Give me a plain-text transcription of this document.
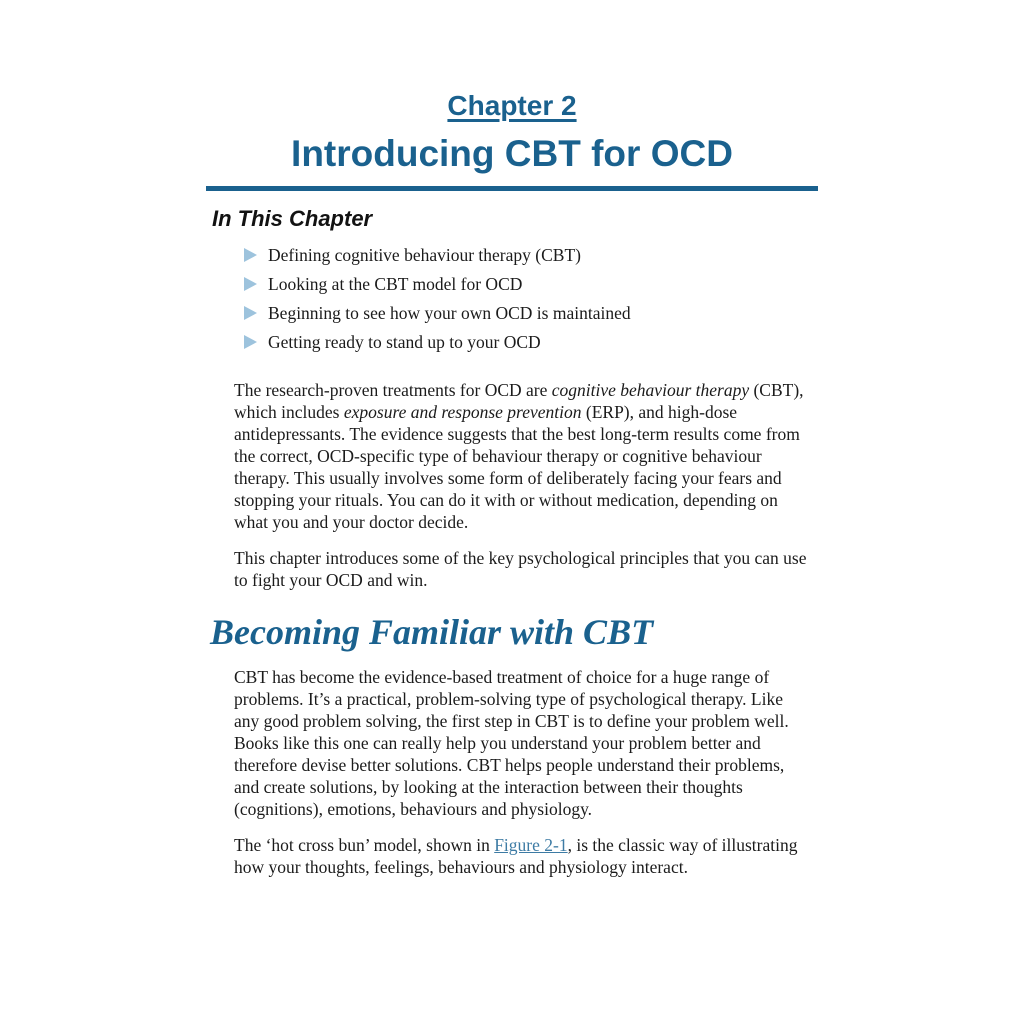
Chapter 2
Introducing CBT for OCD
In This Chapter
Defining cognitive behaviour therapy (CBT)
Looking at the CBT model for OCD
Beginning to see how your own OCD is maintained
Getting ready to stand up to your OCD

The research-proven treatments for OCD are cognitive behaviour therapy (CBT), which includes exposure and response prevention (ERP), and high-dose antidepressants. The evidence suggests that the best long-term results come from the correct, OCD-specific type of behaviour therapy or cognitive behaviour therapy. This usually involves some form of deliberately facing your fears and stopping your rituals. You can do it with or without medication, depending on what you and your doctor decide.

This chapter introduces some of the key psychological principles that you can use to fight your OCD and win.

Becoming Familiar with CBT

CBT has become the evidence-based treatment of choice for a huge range of problems. It’s a practical, problem-solving type of psychological therapy. Like any good problem solving, the first step in CBT is to define your problem well. Books like this one can really help you understand your problem better and therefore devise better solutions. CBT helps people understand their problems, and create solutions, by looking at the interaction between their thoughts (cognitions), emotions, behaviours and physiology.

The ‘hot cross bun’ model, shown in Figure 2-1, is the classic way of illustrating how your thoughts, feelings, behaviours and physiology interact.
